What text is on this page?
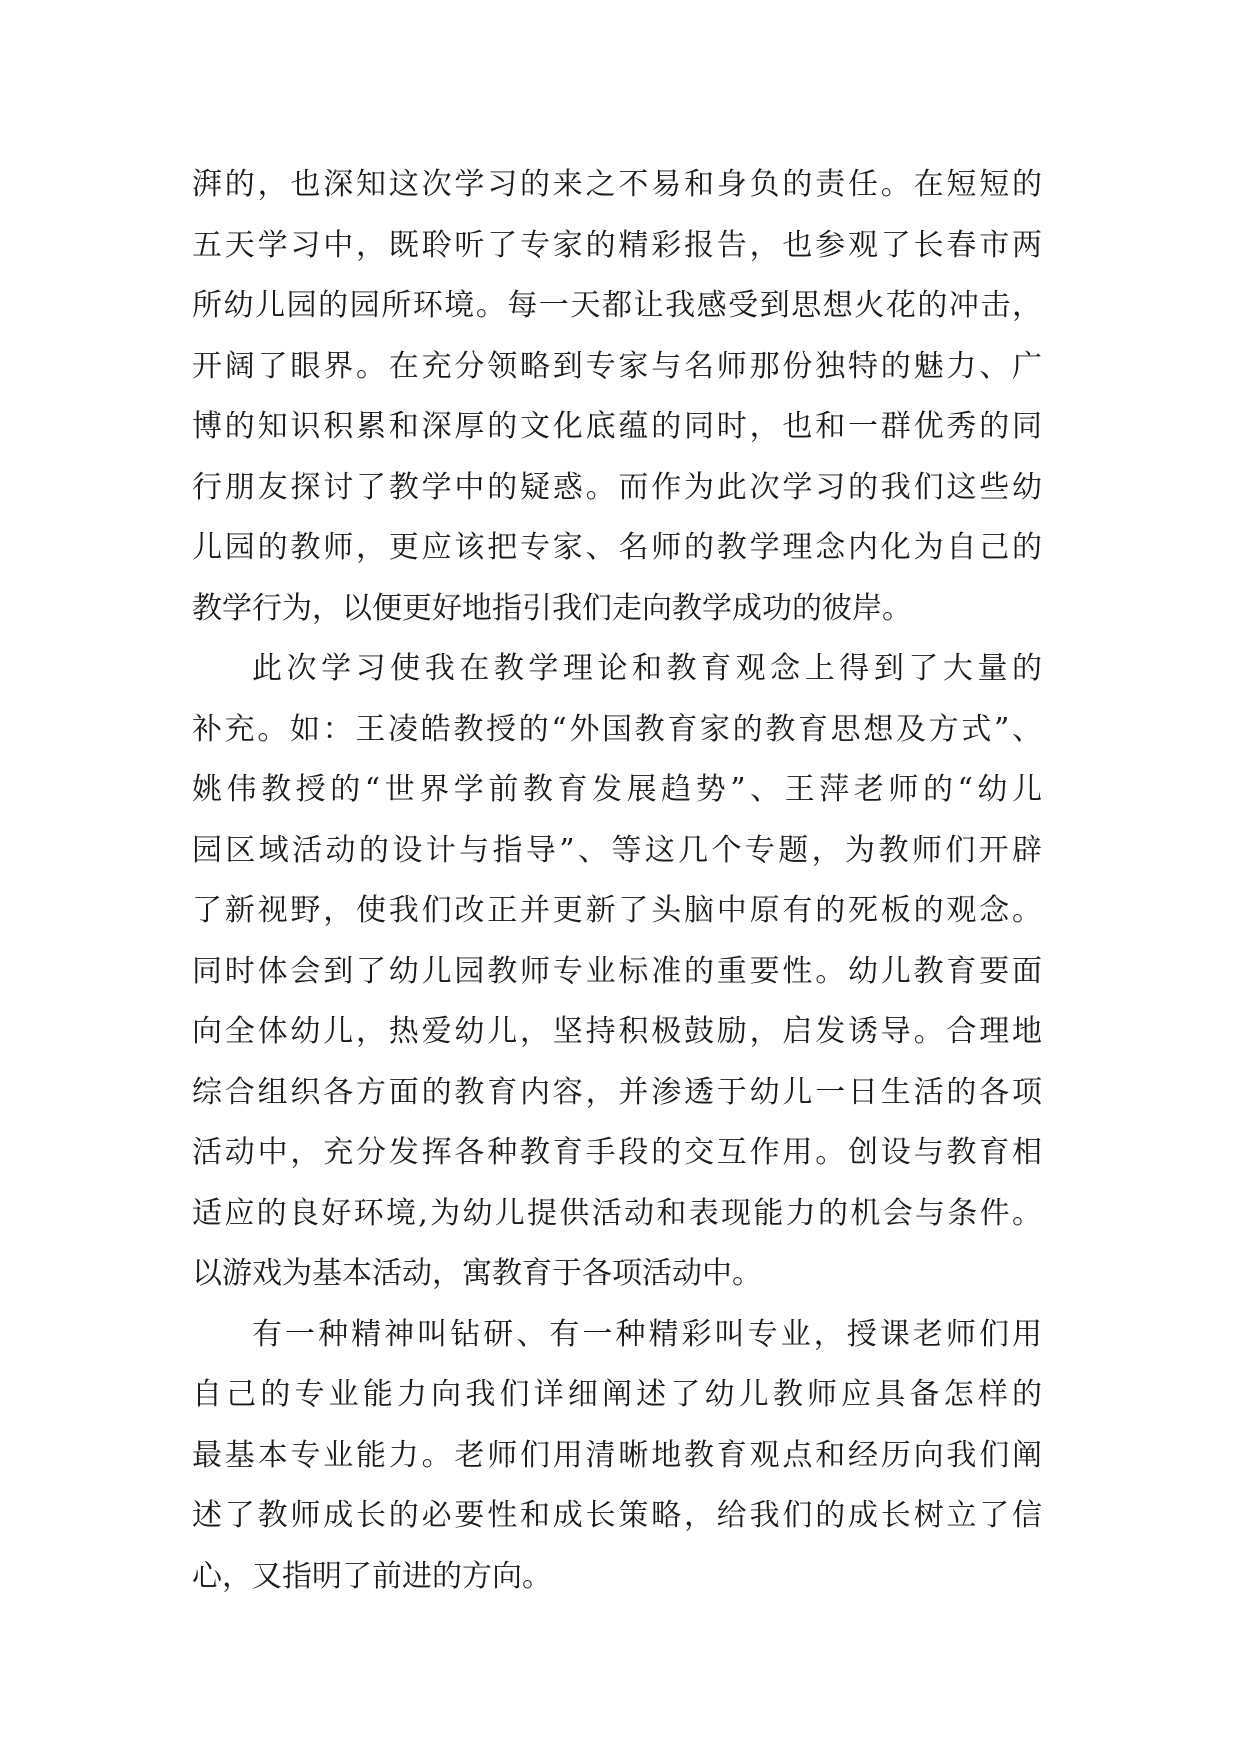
湃的，也深知这次学习的来之不易和身负的责任。在短短的
五天学习中，既聆听了专家的精彩报告，也参观了长春市两
所幼儿园的园所环境。每一天都让我感受到思想火花的冲击，
开阔了眼界。在充分领略到专家与名师那份独特的魅力、广
博的知识积累和深厚的文化底蕴的同时，也和一群优秀的同
行朋友探讨了教学中的疑惑。而作为此次学习的我们这些幼
儿园的教师，更应该把专家、名师的教学理念内化为自己的
教学行为，以便更好地指引我们走向教学成功的彼岸。
此次学习使我在教学理论和教育观念上得到了大量的
补充。如：王凌皓教授的“外国教育家的教育思想及方式”、
姚伟教授的“世界学前教育发展趋势”、王萍老师的“幼儿
园区域活动的设计与指导”、等这几个专题，为教师们开辟
了新视野，使我们改正并更新了头脑中原有的死板的观念。
同时体会到了幼儿园教师专业标准的重要性。幼儿教育要面
向全体幼儿，热爱幼儿，坚持积极鼓励，启发诱导。合理地
综合组织各方面的教育内容，并渗透于幼儿一日生活的各项
活动中，充分发挥各种教育手段的交互作用。创设与教育相
适应的良好环境,为幼儿提供活动和表现能力的机会与条件。
以游戏为基本活动，寓教育于各项活动中。
有一种精神叫钻研、有一种精彩叫专业，授课老师们用
自己的专业能力向我们详细阐述了幼儿教师应具备怎样的
最基本专业能力。老师们用清晰地教育观点和经历向我们阐
述了教师成长的必要性和成长策略，给我们的成长树立了信
心，又指明了前进的方向。
